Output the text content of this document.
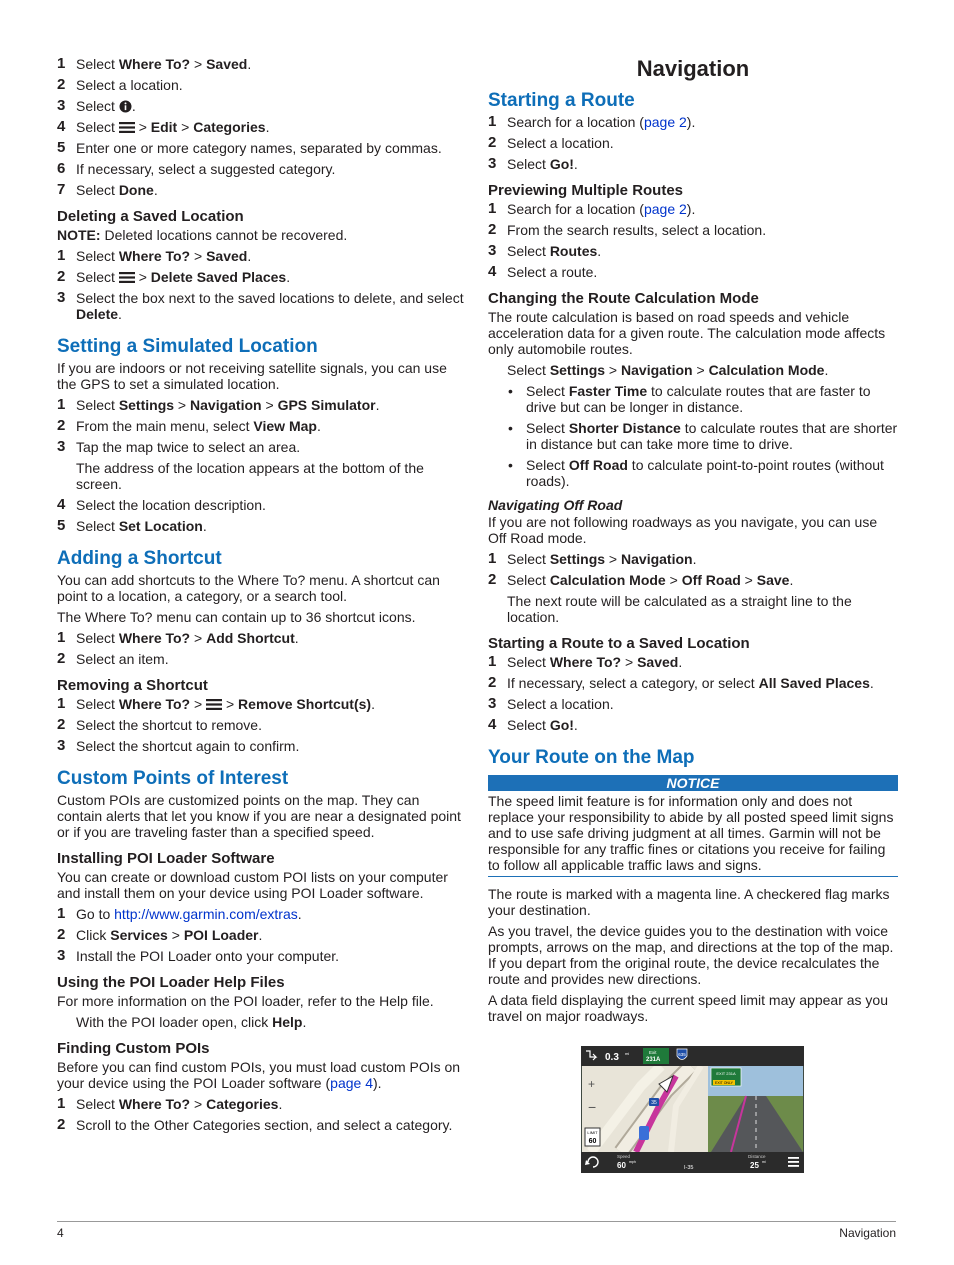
1 Select Where To? > Saved.
2 Select a location.
3 Select .
4 Select  > Edit > Categories.
5 Enter one or more category names, separated by commas.
6 If necessary, select a suggested category.
7 Select Done.
Deleting a Saved Location
NOTE: Deleted locations cannot be recovered.
1 Select Where To? > Saved.
2 Select  > Delete Saved Places.
3 Select the box next to the saved locations to delete, and select Delete.
Setting a Simulated Location
If you are indoors or not receiving satellite signals, you can use the GPS to set a simulated location.
1 Select Settings > Navigation > GPS Simulator.
2 From the main menu, select View Map.
3 Tap the map twice to select an area.
The address of the location appears at the bottom of the screen.
4 Select the location description.
5 Select Set Location.
Adding a Shortcut
You can add shortcuts to the Where To? menu. A shortcut can point to a location, a category, or a search tool.
The Where To? menu can contain up to 36 shortcut icons.
1 Select Where To? > Add Shortcut.
2 Select an item.
Removing a Shortcut
1 Select Where To? >  > Remove Shortcut(s).
2 Select the shortcut to remove.
3 Select the shortcut again to confirm.
Custom Points of Interest
Custom POIs are customized points on the map. They can contain alerts that let you know if you are near a designated point or if you are traveling faster than a specified speed.
Installing POI Loader Software
You can create or download custom POI lists on your computer and install them on your device using POI Loader software.
1 Go to http://www.garmin.com/extras.
2 Click Services > POI Loader.
3 Install the POI Loader onto your computer.
Using the POI Loader Help Files
For more information on the POI loader, refer to the Help file.
With the POI loader open, click Help.
Finding Custom POIs
Before you can find custom POIs, you must load custom POIs on your device using the POI Loader software (page 4).
1 Select Where To? > Categories.
2 Scroll to the Other Categories section, and select a category.
Navigation
Starting a Route
1 Search for a location (page 2).
2 Select a location.
3 Select Go!.
Previewing Multiple Routes
1 Search for a location (page 2).
2 From the search results, select a location.
3 Select Routes.
4 Select a route.
Changing the Route Calculation Mode
The route calculation is based on road speeds and vehicle acceleration data for a given route. The calculation mode affects only automobile routes.
Select Settings > Navigation > Calculation Mode.
• Select Faster Time to calculate routes that are faster to drive but can be longer in distance.
• Select Shorter Distance to calculate routes that are shorter in distance but can take more time to drive.
• Select Off Road to calculate point-to-point routes (without roads).
Navigating Off Road
If you are not following roadways as you navigate, you can use Off Road mode.
1 Select Settings > Navigation.
2 Select Calculation Mode > Off Road > Save.
The next route will be calculated as a straight line to the location.
Starting a Route to a Saved Location
1 Select Where To? > Saved.
2 If necessary, select a category, or select All Saved Places.
3 Select a location.
4 Select Go!.
Your Route on the Map
NOTICE
The speed limit feature is for information only and does not replace your responsibility to abide by all posted speed limit signs and to use safe driving judgment at all times. Garmin will not be responsible for any traffic fines or citations you receive for failing to follow all applicable traffic laws and signs.
The route is marked with a magenta line. A checkered flag marks your destination.
As you travel, the device guides you to the destination with voice prompts, arrows on the map, and directions at the top of the map. If you depart from the original route, the device recalculates the route and provides new directions.
A data field displaying the current speed limit may appear as you travel on major roadways.
35
+
−
LIMIT
60
EXIT 231A
EXIT ONLY
0.3 mi	Exit
231A
635
Speed
60 mph
I-35
Distance
25 mi
4	Navigation
